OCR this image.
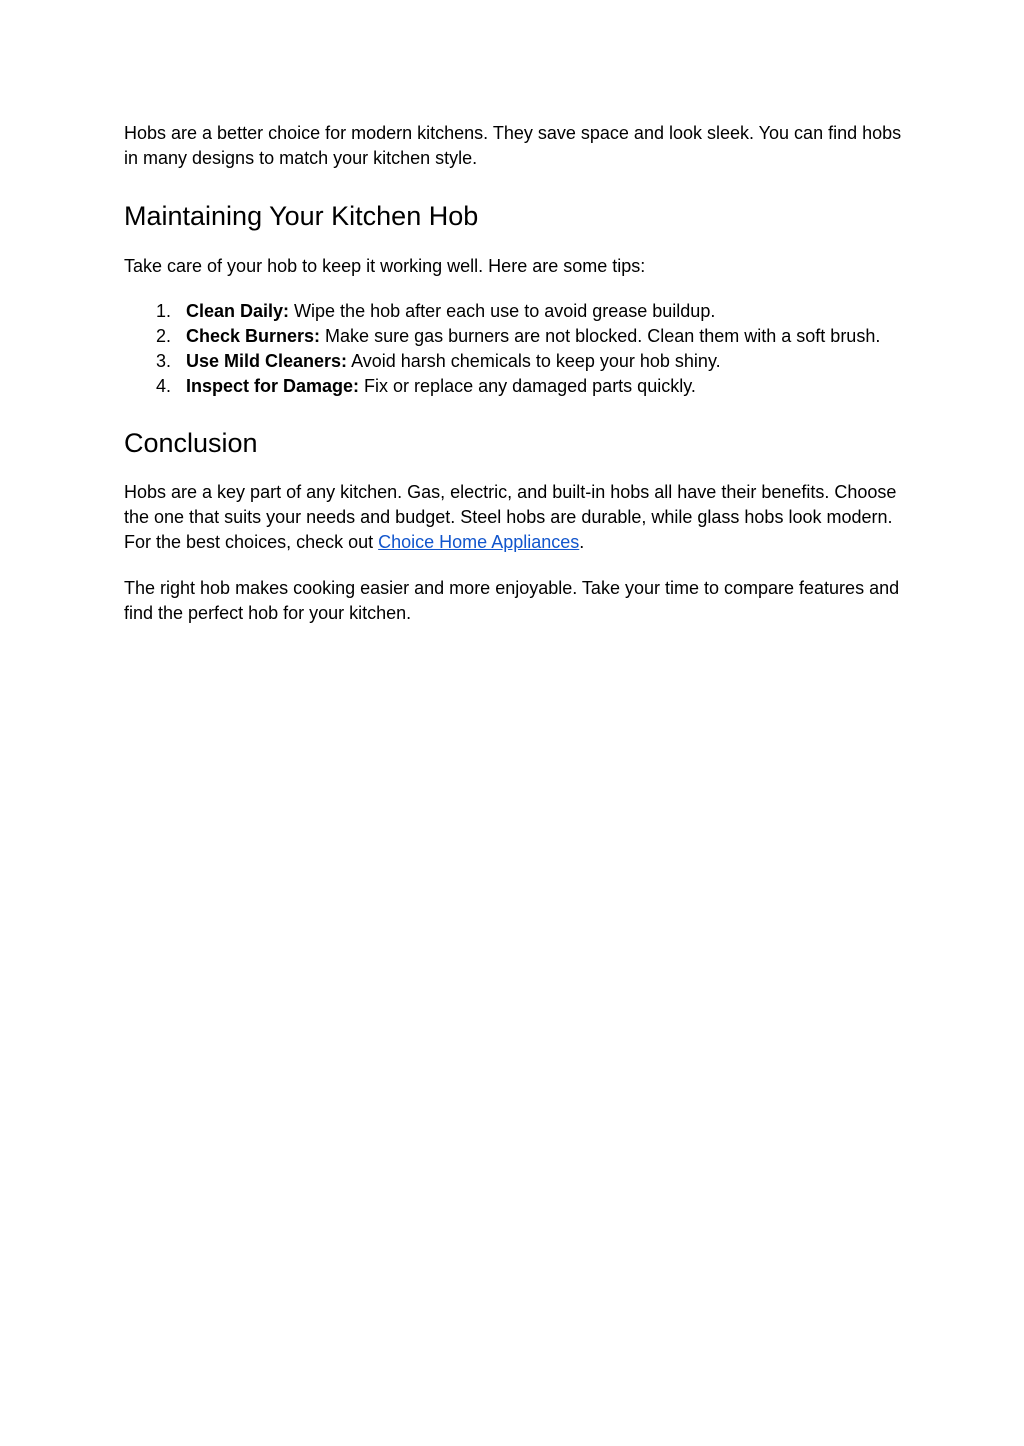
Hobs are a better choice for modern kitchens. They save space and look sleek. You can find hobs in many designs to match your kitchen style.

Maintaining Your Kitchen Hob

Take care of your hob to keep it working well. Here are some tips:

1. Clean Daily: Wipe the hob after each use to avoid grease buildup.
2. Check Burners: Make sure gas burners are not blocked. Clean them with a soft brush.
3. Use Mild Cleaners: Avoid harsh chemicals to keep your hob shiny.
4. Inspect for Damage: Fix or replace any damaged parts quickly.
Conclusion

Hobs are a key part of any kitchen. Gas, electric, and built-in hobs all have their benefits. Choose the one that suits your needs and budget. Steel hobs are durable, while glass hobs look modern. For the best choices, check out Choice Home Appliances.

The right hob makes cooking easier and more enjoyable. Take your time to compare features and find the perfect hob for your kitchen.
